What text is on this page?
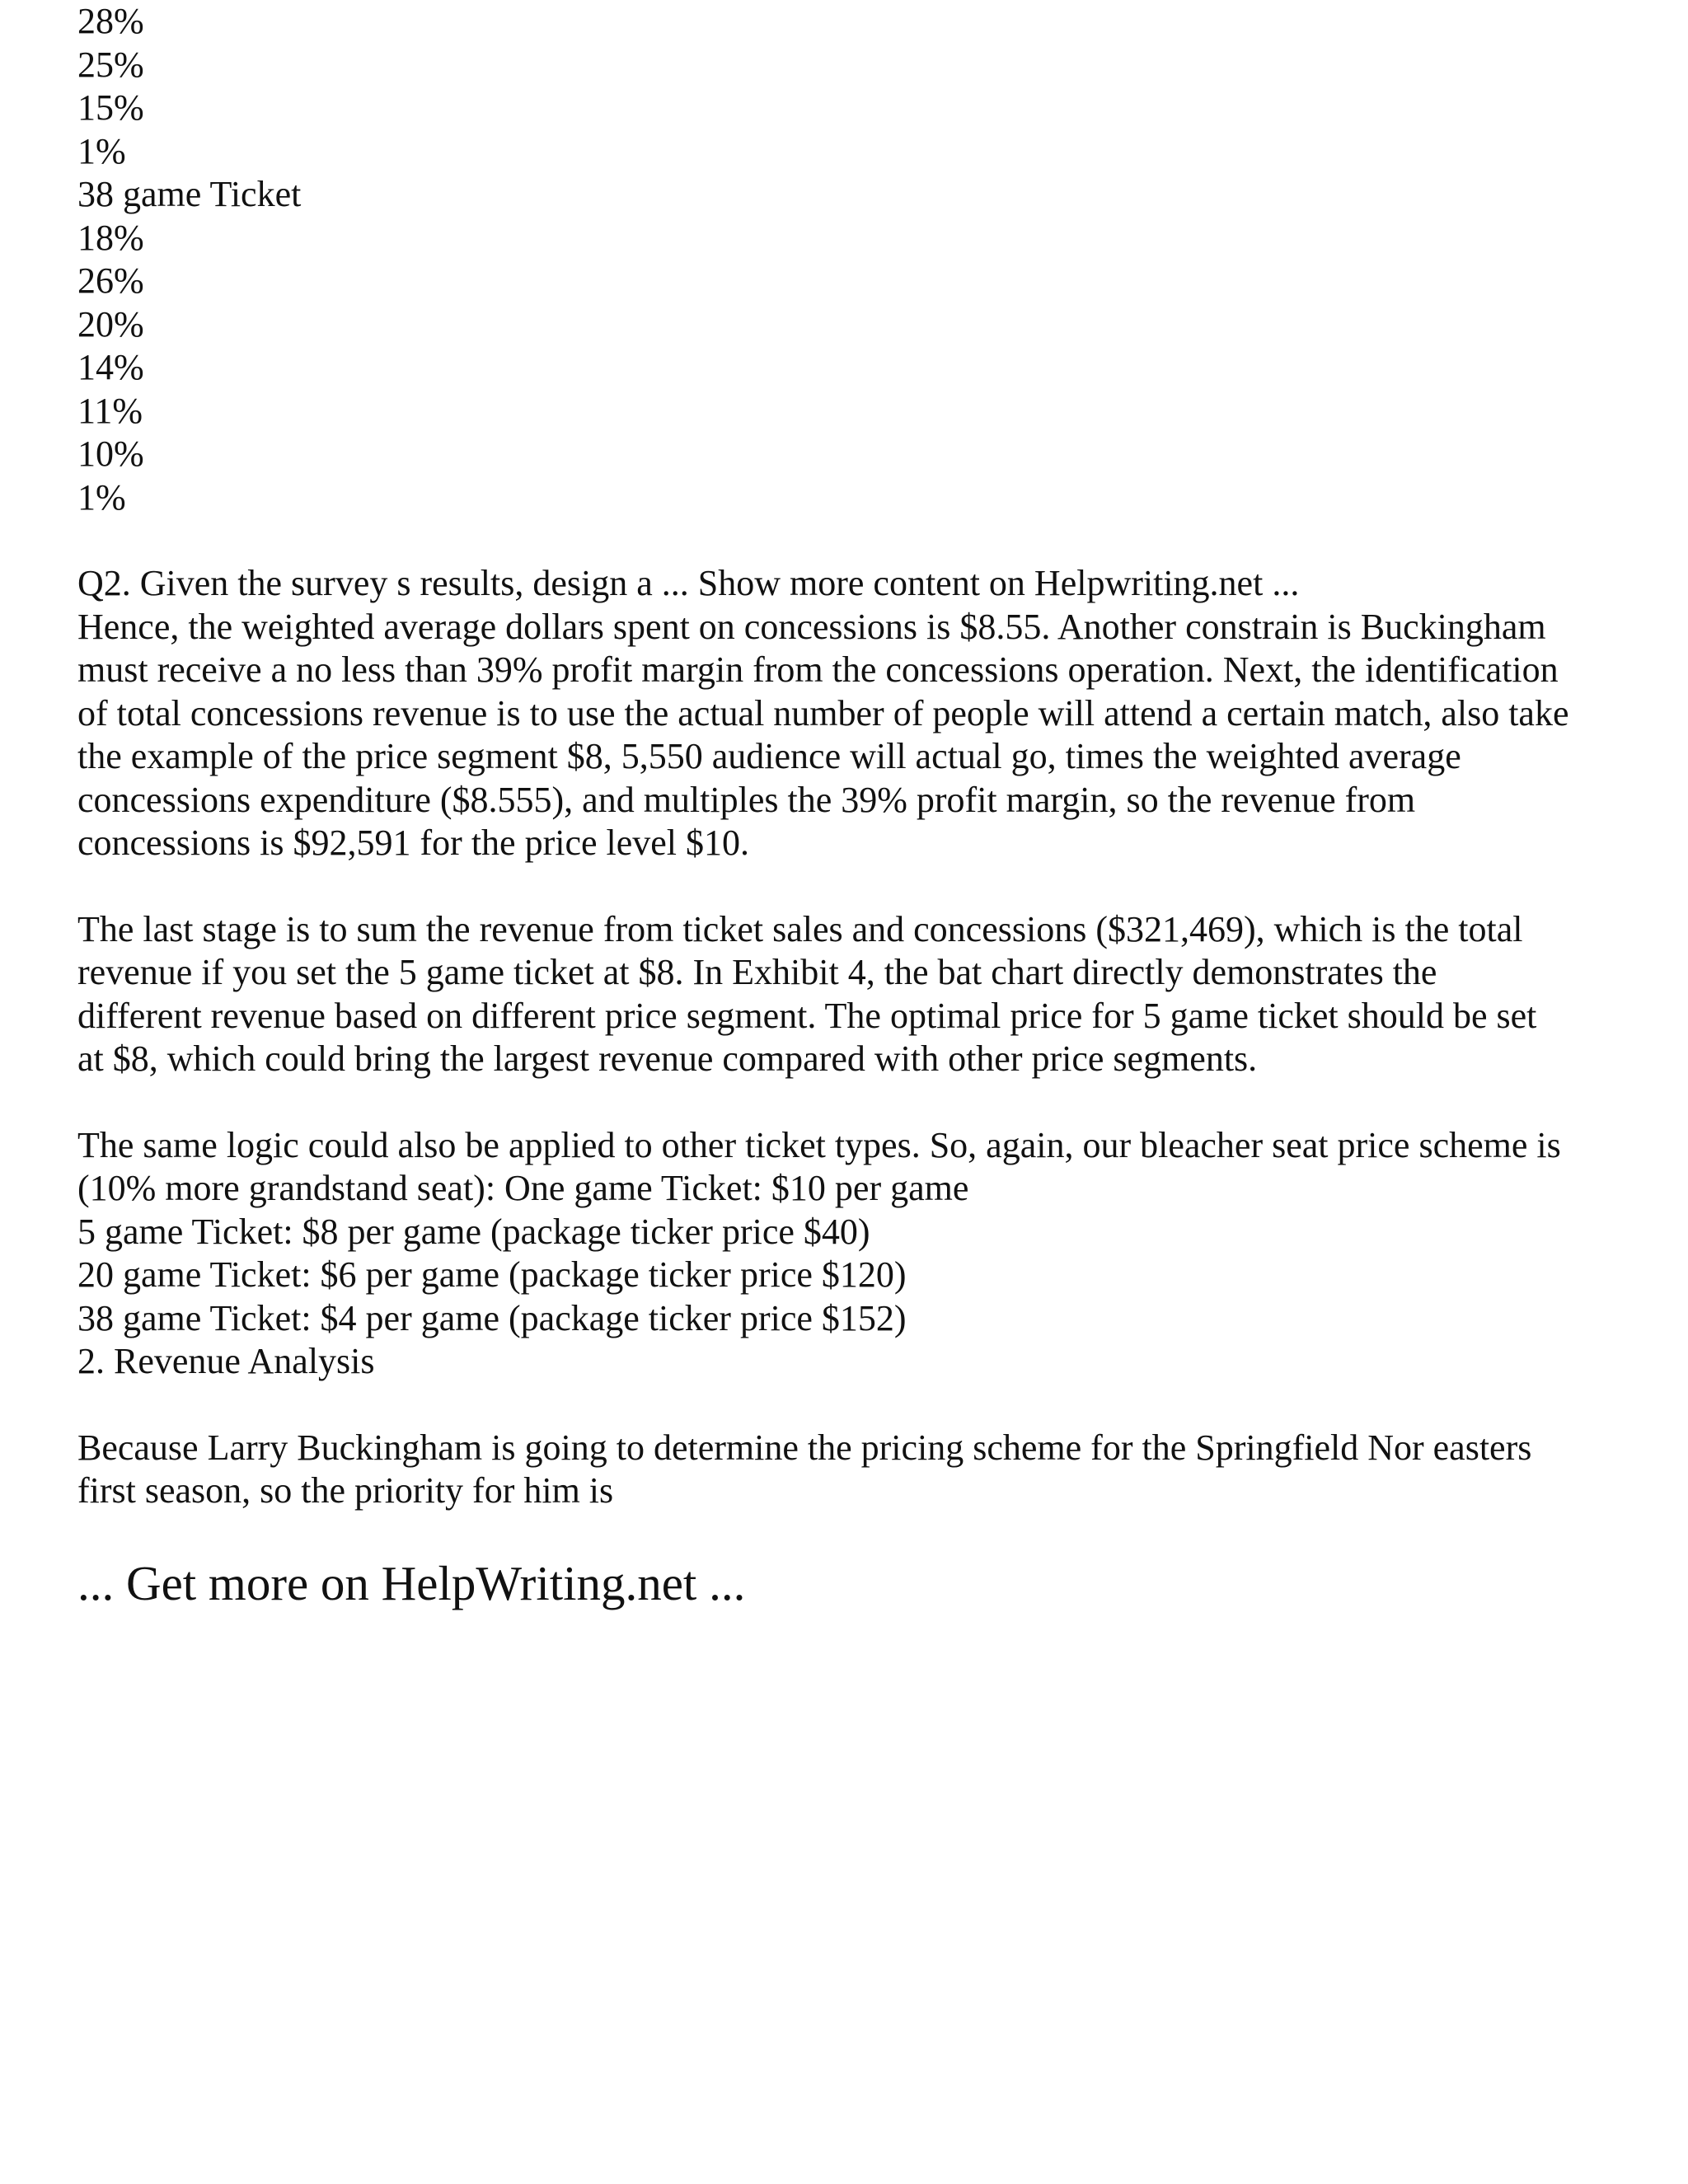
28%
25%
15%
1%
38 game Ticket
18%
26%
20%
14%
11%
10%
1%

Q2. Given the survey s results, design a ... Show more content on Helpwriting.net ...
Hence, the weighted average dollars spent on concessions is $8.55. Another constrain is Buckingham
must receive a no less than 39% profit margin from the concessions operation. Next, the identification
of total concessions revenue is to use the actual number of people will attend a certain match, also take
the example of the price segment $8, 5,550 audience will actual go, times the weighted average
concessions expenditure ($8.555), and multiples the 39% profit margin, so the revenue from
concessions is $92,591 for the price level $10.

The last stage is to sum the revenue from ticket sales and concessions ($321,469), which is the total
revenue if you set the 5 game ticket at $8. In Exhibit 4, the bat chart directly demonstrates the
different revenue based on different price segment. The optimal price for 5 game ticket should be set
at $8, which could bring the largest revenue compared with other price segments.

The same logic could also be applied to other ticket types. So, again, our bleacher seat price scheme is
(10% more grandstand seat): One game Ticket: $10 per game
5 game Ticket: $8 per game (package ticker price $40)
20 game Ticket: $6 per game (package ticker price $120)
38 game Ticket: $4 per game (package ticker price $152)
2. Revenue Analysis

Because Larry Buckingham is going to determine the pricing scheme for the Springfield Nor easters
first season, so the priority for him is

... Get more on HelpWriting.net ...
